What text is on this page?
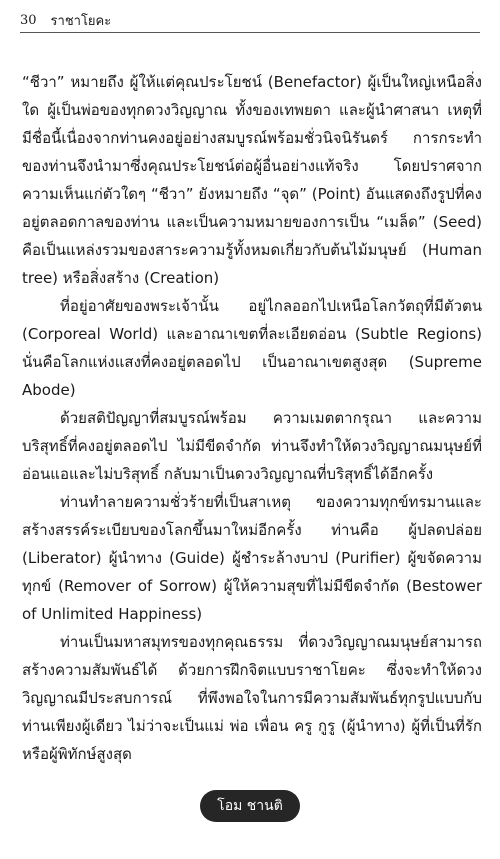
30 ราชาโยคะ

“ชีวา” หมายถึง ผู้ให้แต่คุณประโยชน์ (Benefactor) ผู้เป็นใหญ่เหนือสิ่งใด ผู้เป็นพ่อของทุกดวงวิญญาณ ทั้งของเทพยดา และผู้นำศาสนา เหตุที่มีชื่อนี้เนื่องจากท่านคงอยู่อย่างสมบูรณ์พร้อมชั่วนิจนิรันดร์ การกระทำของท่านจึงนำมาซึ่งคุณประโยชน์ต่อผู้อื่นอย่างแท้จริง โดยปราศจากความเห็นแก่ตัวใดๆ “ชีวา” ยังหมายถึง “จุด” (Point) อันแสดงถึงรูปที่คงอยู่ตลอดกาลของท่าน และเป็นความหมายของการเป็น “เมล็ด” (Seed) คือเป็นแหล่งรวมของสาระความรู้ทั้งหมดเกี่ยวกับต้นไม้มนุษย์ (Human tree) หรือสิ่งสร้าง (Creation)

ที่อยู่อาศัยของพระเจ้านั้น อยู่ไกลออกไปเหนือโลกวัตถุที่มีตัวตน (Corporeal World) และอาณาเขตที่ละเอียดอ่อน (Subtle Regions) นั่นคือโลกแห่งแสงที่คงอยู่ตลอดไป เป็นอาณาเขตสูงสุด (Supreme Abode)

ด้วยสติปัญญาที่สมบูรณ์พร้อม ความเมตตากรุณา และความบริสุทธิ์ที่คงอยู่ตลอดไป ไม่มีขีดจำกัด ท่านจึงทำให้ดวงวิญญาณมนุษย์ที่อ่อนแอและไม่บริสุทธิ์ กลับมาเป็นดวงวิญญาณที่บริสุทธิ์ได้อีกครั้ง

ท่านทำลายความชั่วร้ายที่เป็นสาเหตุ ของความทุกข์ทรมานและสร้างสรรค์ระเบียบของโลกขึ้นมาใหม่อีกครั้ง ท่านคือ ผู้ปลดปล่อย (Liberator) ผู้นำทาง (Guide) ผู้ชำระล้างบาป (Purifier) ผู้ขจัดความทุกข์ (Remover of Sorrow) ผู้ให้ความสุขที่ไม่มีขีดจำกัด (Bestower of Unlimited Happiness)

ท่านเป็นมหาสมุทรของทุกคุณธรรม ที่ดวงวิญญาณมนุษย์สามารถสร้างความสัมพันธ์ได้ ด้วยการฝึกจิตแบบราชาโยคะ ซึ่งจะทำให้ดวงวิญญาณมีประสบการณ์ ที่พึงพอใจในการมีความสัมพันธ์ทุกรูปแบบกับท่านเพียงผู้เดียว ไม่ว่าจะเป็นแม่ พ่อ เพื่อน ครู กูรู (ผู้นำทาง) ผู้ที่เป็นที่รักหรือผู้พิทักษ์สูงสุด

โอม ชานติ
